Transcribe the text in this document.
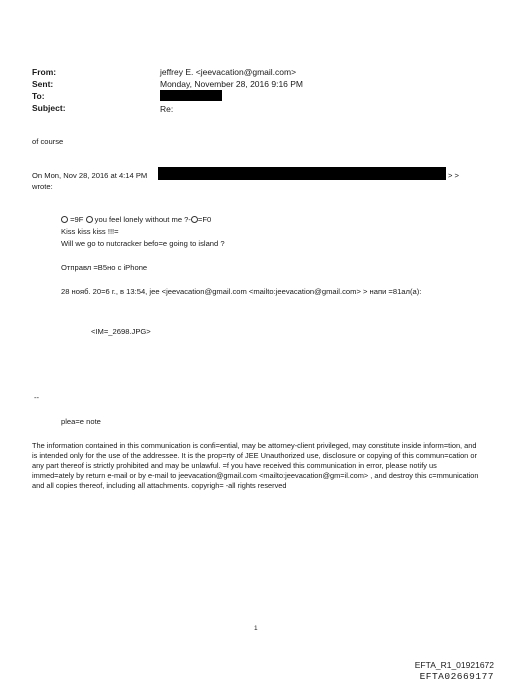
From:	jeffrey E. <jeevacation@gmail.com>
Sent:	Monday, November 28, 2016 9:16 PM
To:
Subject:	Re:
of course
On Mon, Nov 28, 2016 at 4:14 PM	> >
wrote:
=9F you feel lonely without me ?- =F0
Kiss kiss kiss !!!=
Will we go to nutcracker befo=e going to island ?
Отправл =B5но с iPhone
28 нояб. 20=6 г., в 13:54, jee <jeevacation@gmail.com <mailto:jeevacation@gmail.com> > напи =81ал(а):
<IM=_2698.JPG>
--
plea=e note
The information contained in this communication is confi=ential, may be attorney-client privileged, may constitute inside inform=tion, and is intended only for the use of the addressee. It is the prop=rty of JEE Unauthorized use, disclosure or copying of this commun=cation or any part thereof is strictly prohibited and may be unlawful. =f you have received this communication in error, please notify us immed=ately by return e-mail or by e-mail to jeevacation@gmail.com <mailto:jeevacation@gm=il.com> , and destroy this c=mmunication and all copies thereof, including all attachments. copyrigh= -all rights reserved
1
EFTA_R1_01921672
EFTA02669177
